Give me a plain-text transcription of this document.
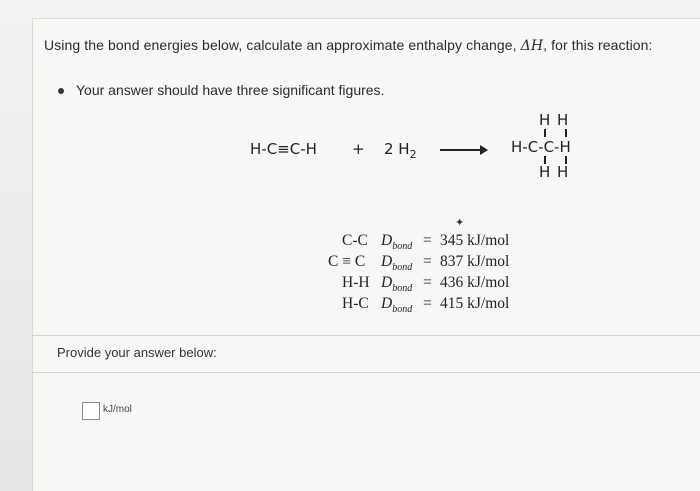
Using the bond energies below, calculate an approximate enthalpy change, ΔH, for this reaction:
Your answer should have three significant figures.
H-C≡C-H + 2 $H_2$ →
H H
H-C-C-H
H H
✦
C-C $D_{bond} = 345$ kJ/mol
C ≡ C $D_{bond} = 837$ kJ/mol
H-H $D_{bond} = 436$ kJ/mol
H-C $D_{bond} = 415$ kJ/mol
Provide your answer below:
kJ/mol
